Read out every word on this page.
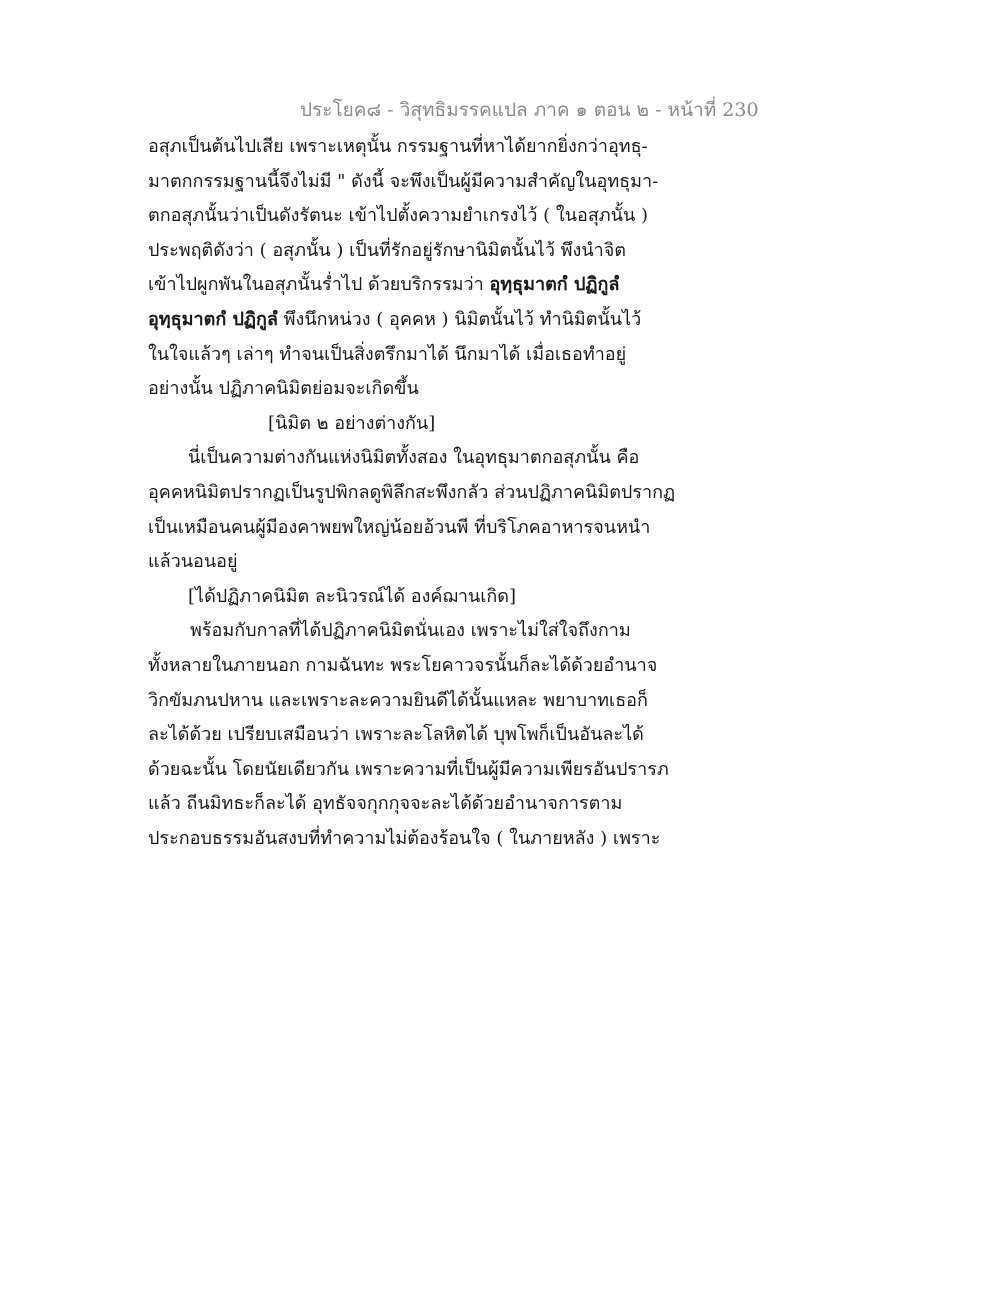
ประโยค๘ - วิสุทธิมรรคแปล ภาค ๑ ตอน ๒ - หน้าที่ 230
อสุภเป็นต้นไปเสีย เพราะเหตุนั้น กรรมฐานที่หาได้ยากยิ่งกว่าอุทธุ-
มาตกกรรมฐานนี้จึงไม่มี " ดังนี้ จะพึงเป็นผู้มีความสำคัญในอุทธุมา-
ตกอสุภนั้นว่าเป็นดังรัตนะ เข้าไปตั้งความยำเกรงไว้ ( ในอสุภนั้น )
ประพฤติดังว่า ( อสุภนั้น ) เป็นที่รักอยู่รักษานิมิตนั้นไว้ พึงนำจิต
เข้าไปผูกพันในอสุภนั้นร่ำไป ด้วยบริกรรมว่า อุทฺธุมาตกํ ปฏิกูลํ
อุทฺธุมาตกํ ปฏิกูลํ พึงนึกหน่วง ( อุคคห ) นิมิตนั้นไว้ ทำนิมิตนั้นไว้
ในใจแล้วๆ เล่าๆ ทำจนเป็นสิ่งตรึกมาได้ นึกมาได้ เมื่อเธอทำอยู่
อย่างนั้น ปฏิภาคนิมิตย่อมจะเกิดขึ้น
[นิมิต ๒ อย่างต่างกัน]
นี่เป็นความต่างกันแห่งนิมิตทั้งสอง ในอุทธุมาตกอสุภนั้น คือ
อุคคหนิมิตปรากฏเป็นรูปพิกลดูพิลึกสะพึงกลัว ส่วนปฏิภาคนิมิตปรากฏ
เป็นเหมือนคนผู้มีองคาพยพใหญ่น้อยอ้วนพี ที่บริโภคอาหารจนหนำ
แล้วนอนอยู่
[ได้ปฏิภาคนิมิต ละนิวรณ์ได้ องค์ฌานเกิด]
พร้อมกับกาลที่ได้ปฏิภาคนิมิตนั่นเอง เพราะไม่ใส่ใจถึงกาม
ทั้งหลายในภายนอก กามฉันทะ พระโยคาวจรนั้นก็ละได้ด้วยอำนาจ
วิกขัมภนปหาน และเพราะละความยินดีได้นั้นแหละ พยาบาทเธอก็
ละได้ด้วย เปรียบเสมือนว่า เพราะละโลหิตได้ บุพโพก็เป็นอันละได้
ด้วยฉะนั้น โดยนัยเดียวกัน เพราะความที่เป็นผู้มีความเพียรอันปรารภ
แล้ว ถีนมิทธะก็ละได้ อุทธัจจกุกกุจจะละได้ด้วยอำนาจการตาม
ประกอบธรรมอันสงบที่ทำความไม่ต้องร้อนใจ ( ในภายหลัง ) เพราะ
